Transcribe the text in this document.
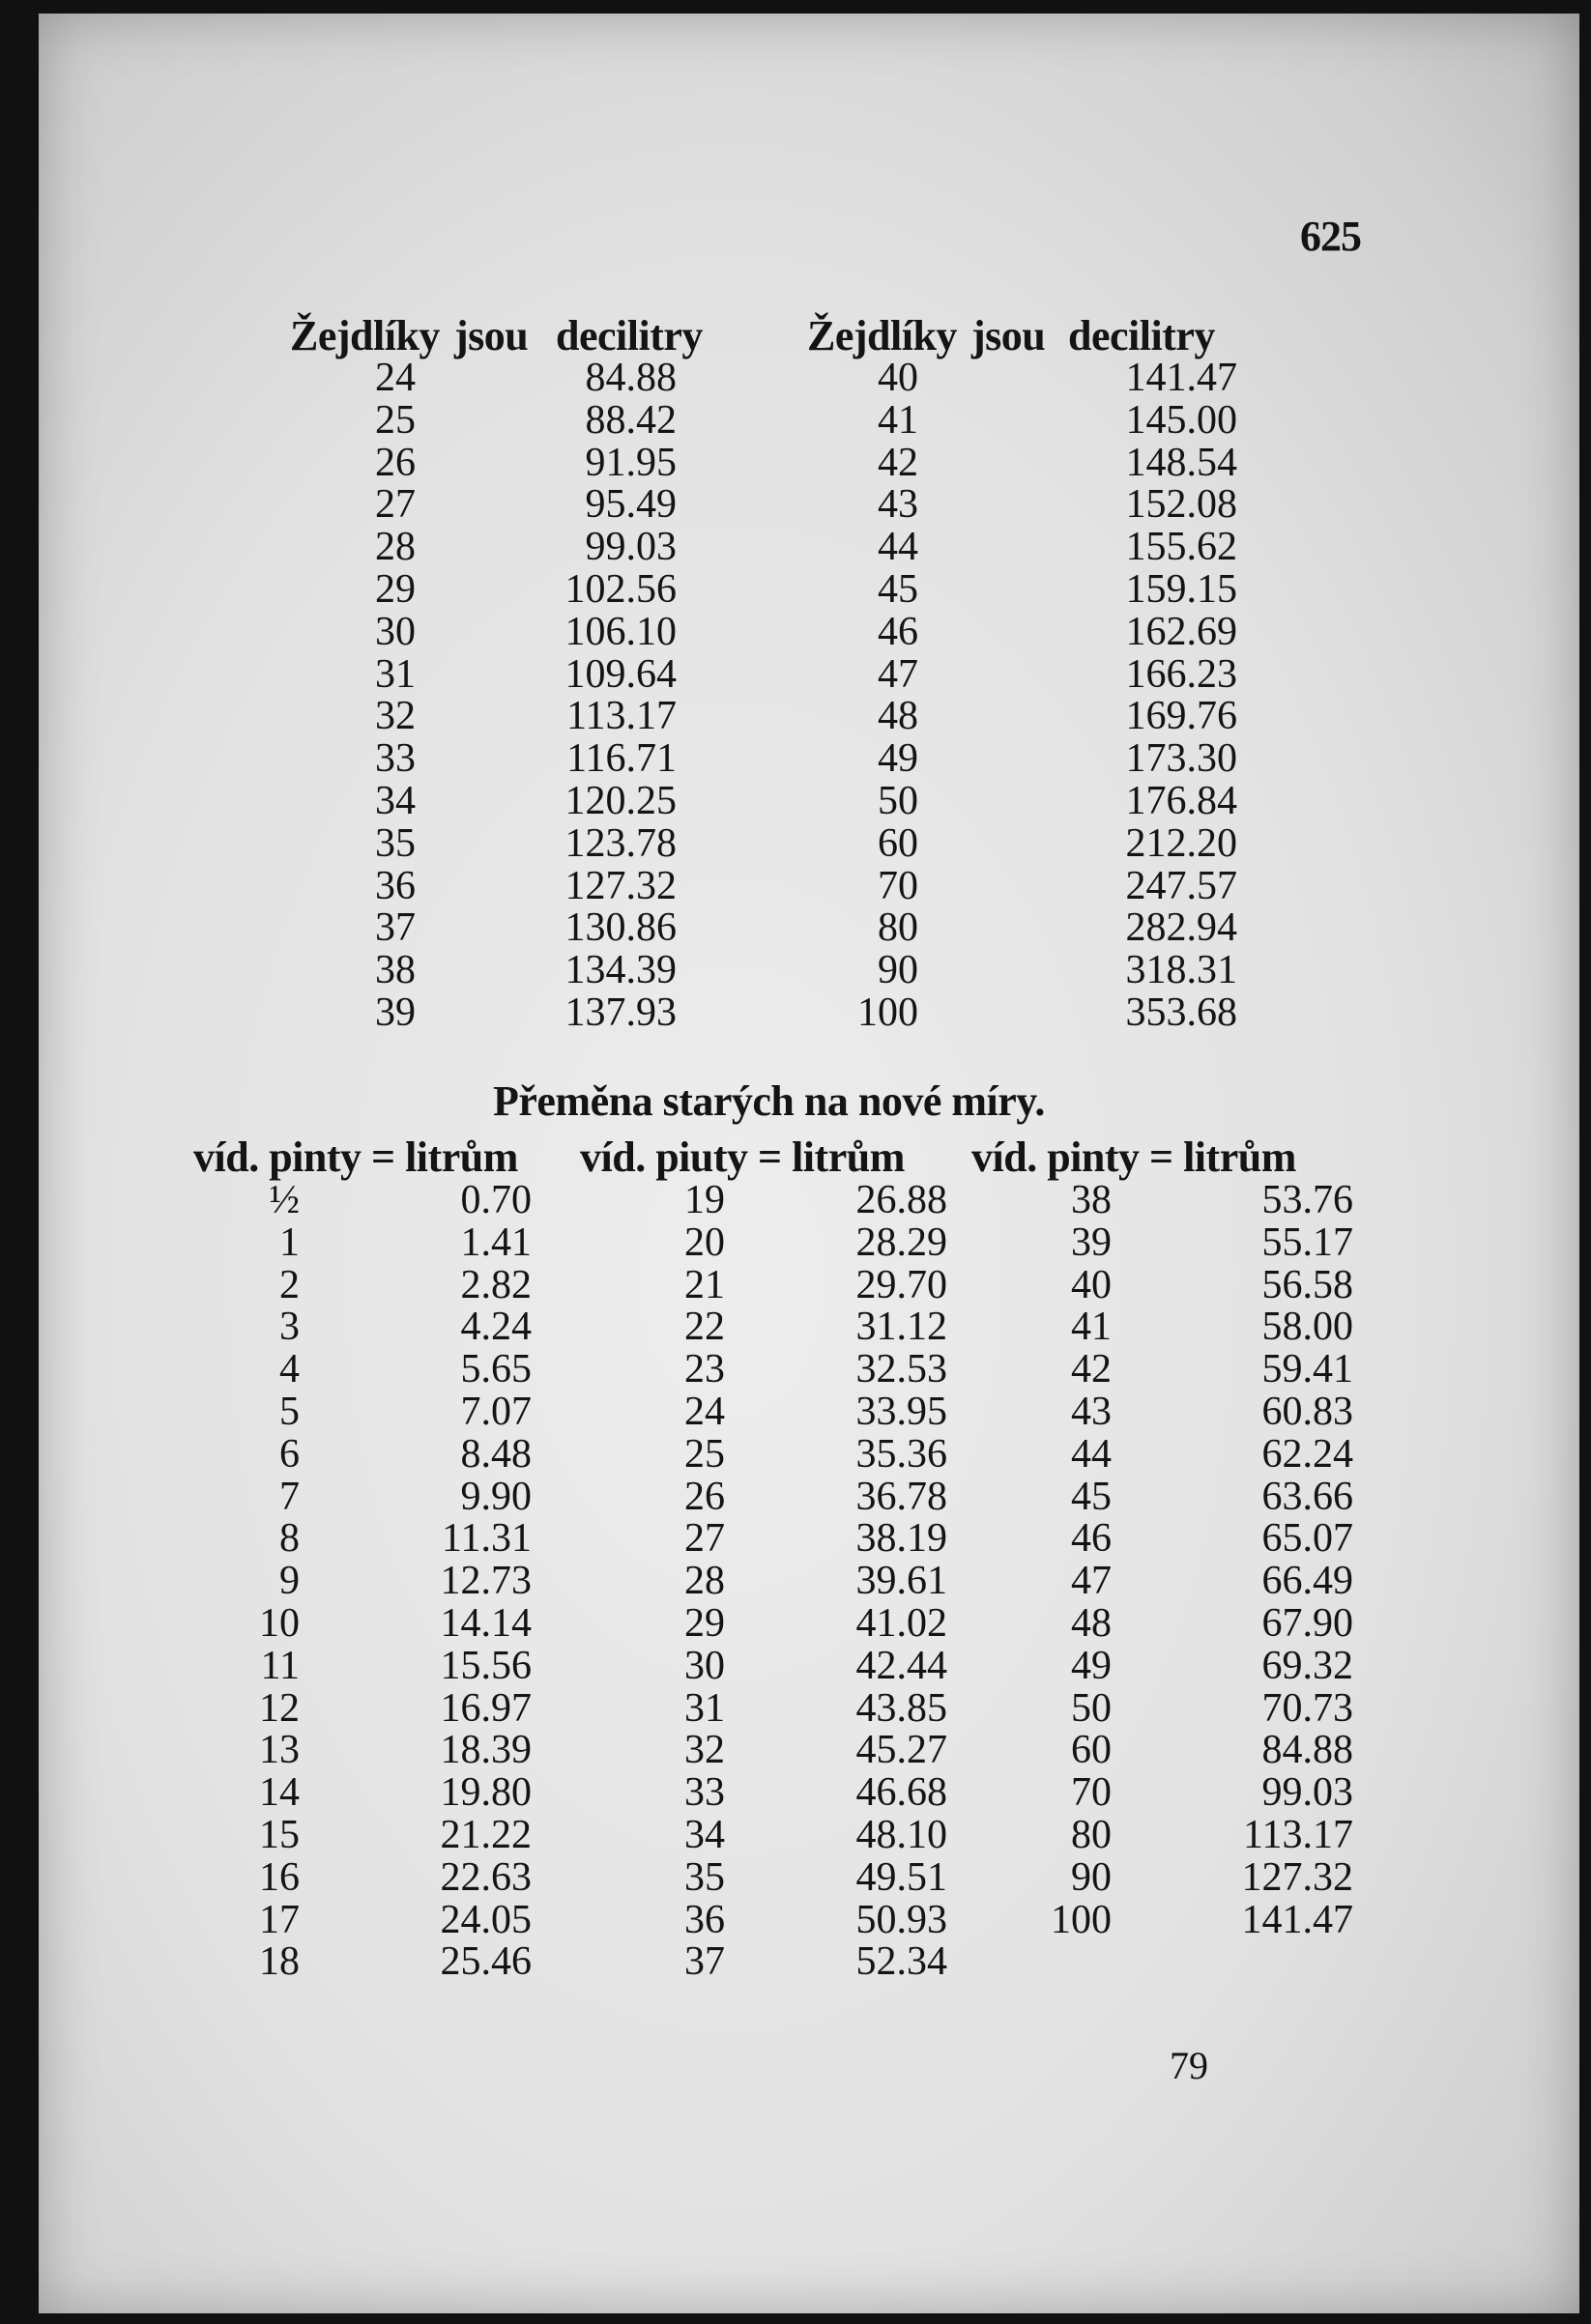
625
Žejdlíky jsou decilitry Žejdlíky jsou decilitry
24
25
26
27
28
29
30
31
32
33
34
35
36
37
38
39
84.88
88.42
91.95
95.49
99.03
102.56
106.10
109.64
113.17
116.71
120.25
123.78
127.32
130.86
134.39
137.93
40
41
42
43
44
45
46
47
48
49
50
60
70
80
90
100
141.47
145.00
148.54
152.08
155.62
159.15
162.69
166.23
169.76
173.30
176.84
212.20
247.57
282.94
318.31
353.68
Přeměna starých na nové míry.
víd. pinty = litrům víd. piuty = litrům víd. pinty = litrům
½
1
2
3
4
5
6
7
8
9
10
11
12
13
14
15
16
17
18
0.70
1.41
2.82
4.24
5.65
7.07
8.48
9.90
11.31
12.73
14.14
15.56
16.97
18.39
19.80
21.22
22.63
24.05
25.46
19
20
21
22
23
24
25
26
27
28
29
30
31
32
33
34
35
36
37
26.88
28.29
29.70
31.12
32.53
33.95
35.36
36.78
38.19
39.61
41.02
42.44
43.85
45.27
46.68
48.10
49.51
50.93
52.34
38
39
40
41
42
43
44
45
46
47
48
49
50
60
70
80
90
100
53.76
55.17
56.58
58.00
59.41
60.83
62.24
63.66
65.07
66.49
67.90
69.32
70.73
84.88
99.03
113.17
127.32
141.47
79
